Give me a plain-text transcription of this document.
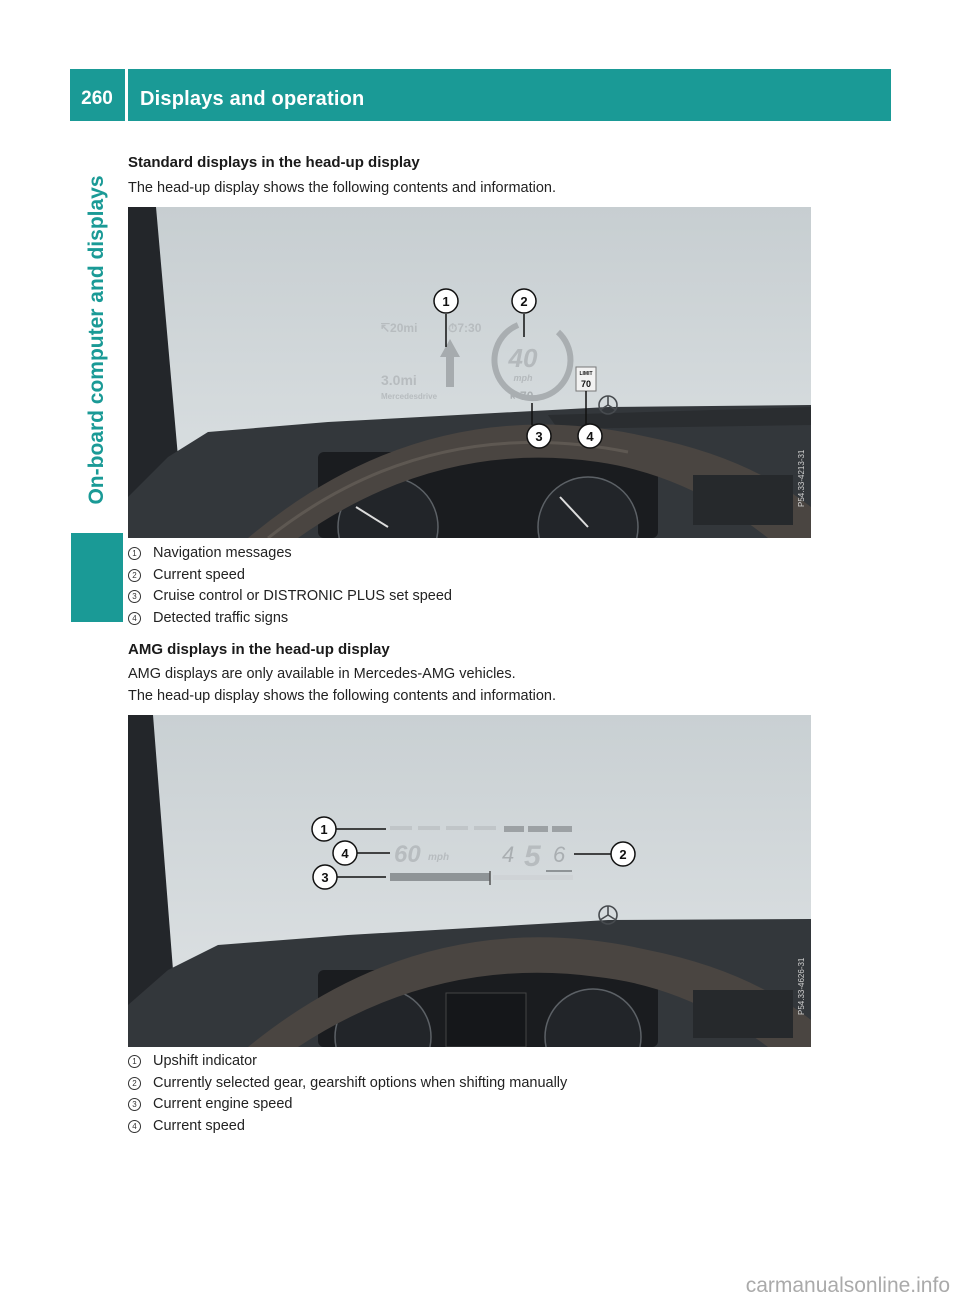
260	Displays and operation
On-board computer and displays
Standard displays in the head-up display

The head-up display shows the following contents and information.

↸20mi	⏱7:30
3.0mi
Mercedesdrive
40
mph
⇤70
LIMIT
70
1	2
3	4
P54.33-4213-31
1 Navigation messages
2 Current speed
3 Cruise control or DISTRONIC PLUS set speed
4 Detected traffic signs
AMG displays in the head-up display

AMG displays are only available in Mercedes-AMG vehicles.

The head-up display shows the following contents and information.

60 mph 4 5 6
1
4
3
2
P54.33-4626-31
1 Upshift indicator
2 Currently selected gear, gearshift options when shifting manually
3 Current engine speed
4 Current speed
carmanualsonline.info
